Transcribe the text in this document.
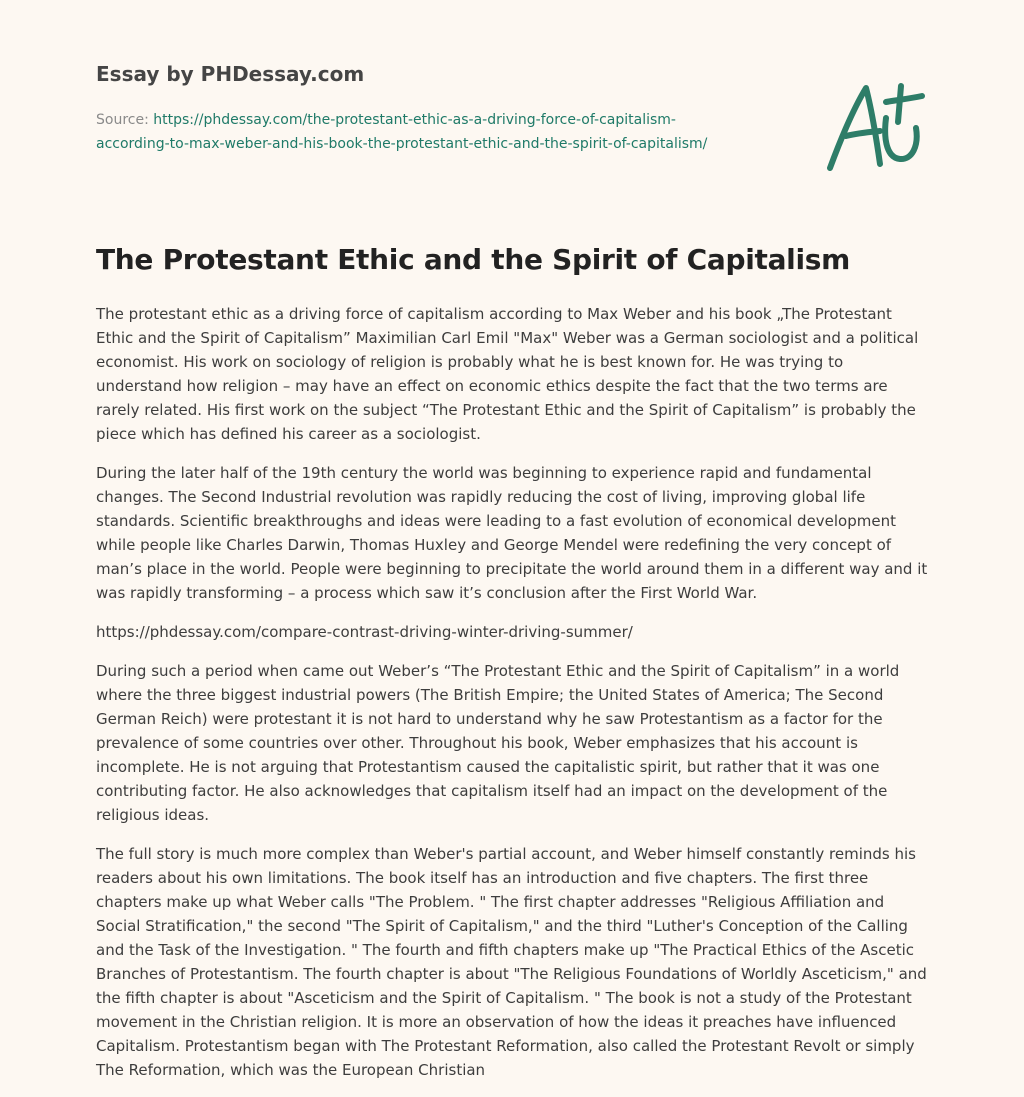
Essay by PHDessay.com
Source: https://phdessay.com/the-protestant-ethic-as-a-driving-force-of-capitalism-according-to-max-weber-and-his-book-the-protestant-ethic-and-the-spirit-of-capitalism/
The Protestant Ethic and the Spirit of Capitalism

The protestant ethic as a driving force of capitalism according to Max Weber and his book „The Protestant Ethic and the Spirit of Capitalism” Maximilian Carl Emil "Max" Weber was a German sociologist and a political economist. His work on sociology of religion is probably what he is best known for. He was trying to understand how religion – may have an effect on economic ethics despite the fact that the two terms are rarely related. His first work on the subject “The Protestant Ethic and the Spirit of Capitalism” is probably the piece which has defined his career as a sociologist.

During the later half of the 19th century the world was beginning to experience rapid and fundamental changes. The Second Industrial revolution was rapidly reducing the cost of living, improving global life standards. Scientific breakthroughs and ideas were leading to a fast evolution of economical development while people like Charles Darwin, Thomas Huxley and George Mendel were redefining the very concept of man’s place in the world. People were beginning to precipitate the world around them in a different way and it was rapidly transforming – a process which saw it’s conclusion after the First World War.

https://phdessay.com/compare-contrast-driving-winter-driving-summer/

During such a period when came out Weber’s “The Protestant Ethic and the Spirit of Capitalism” in a world where the three biggest industrial powers (The British Empire; the United States of America; The Second German Reich) were protestant it is not hard to understand why he saw Protestantism as a factor for the prevalence of some countries over other. Throughout his book, Weber emphasizes that his account is incomplete. He is not arguing that Protestantism caused the capitalistic spirit, but rather that it was one contributing factor. He also acknowledges that capitalism itself had an impact on the development of the religious ideas.

The full story is much more complex than Weber's partial account, and Weber himself constantly reminds his readers about his own limitations. The book itself has an introduction and five chapters. The first three chapters make up what Weber calls "The Problem. " The first chapter addresses "Religious Affiliation and Social Stratification," the second "The Spirit of Capitalism," and the third "Luther's Conception of the Calling and the Task of the Investigation. " The fourth and fifth chapters make up "The Practical Ethics of the Ascetic Branches of Protestantism. The fourth chapter is about "The Religious Foundations of Worldly Asceticism," and the fifth chapter is about "Asceticism and the Spirit of Capitalism. " The book is not a study of the Protestant movement in the Christian religion. It is more an observation of how the ideas it preaches have influenced Capitalism. Protestantism began with The Protestant Reformation, also called the Protestant Revolt or simply The Reformation, which was the European Christian
